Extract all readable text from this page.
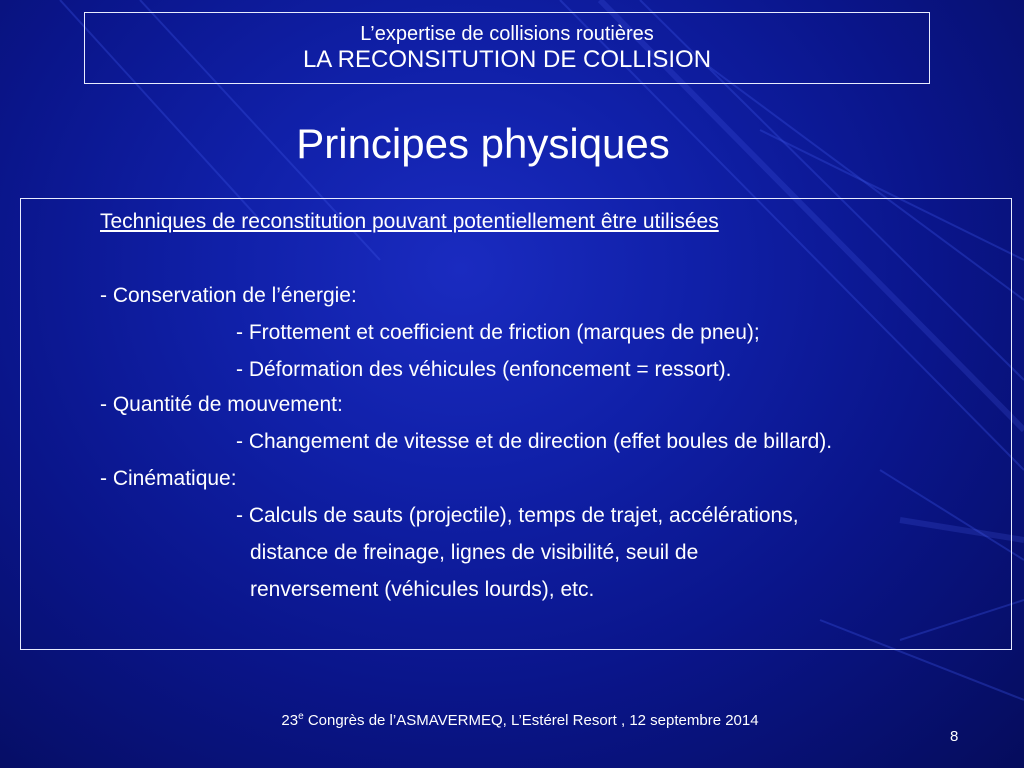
L’expertise de collisions routières
LA RECONSITUTION DE COLLISION
Principes physiques
Techniques de reconstitution pouvant potentiellement être utilisées
- Conservation de l’énergie:
- Frottement et coefficient de friction (marques de pneu);
- Déformation des véhicules (enfoncement = ressort).
- Quantité de mouvement:
- Changement de vitesse et de direction (effet boules de billard).
- Cinématique:
- Calculs de sauts (projectile), temps de trajet, accélérations,
distance de freinage, lignes de visibilité, seuil de
renversement (véhicules lourds), etc.
23e Congrès de l’ASMAVERMEQ, L’Estérel Resort , 12 septembre 2014
8
